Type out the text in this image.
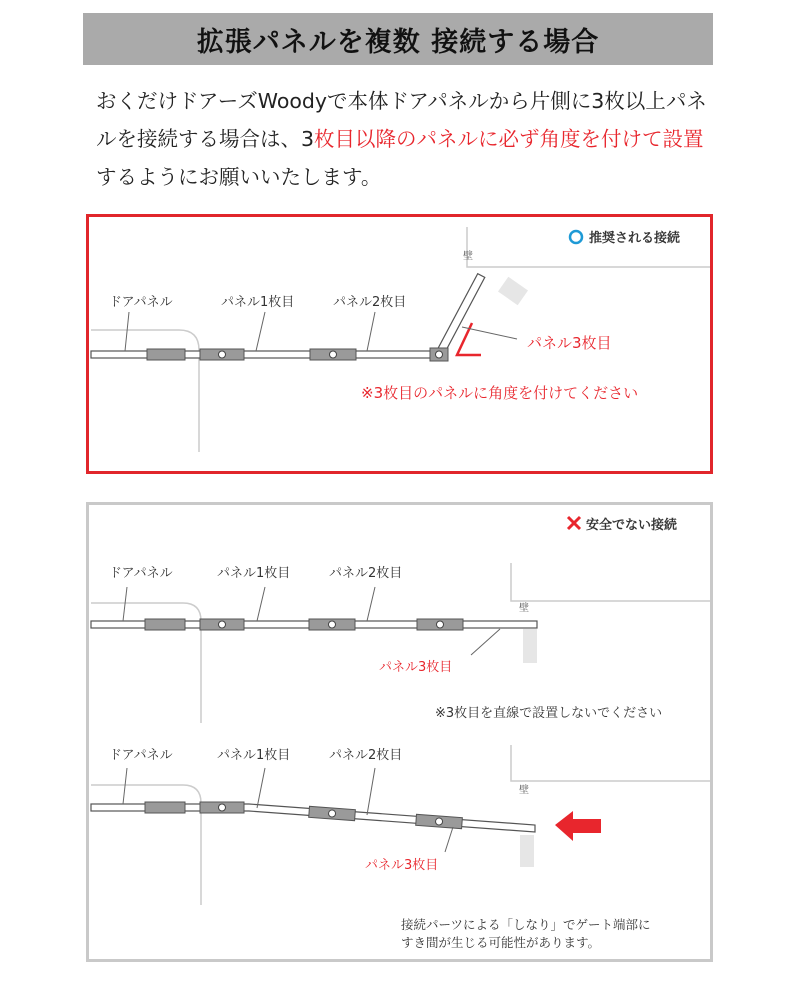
拡張パネルを複数 接続する場合
おくだけドアーズWoodyで本体ドアパネルから片側に3枚以上パネルを接続する場合は、3枚目以降のパネルに必ず角度を付けて設置するようにお願いいたします。
推奨される接続
壁
ドアパネル	パネル1枚目	パネル2枚目
パネル3枚目
※3枚目のパネルに角度を付けてください
安全でない接続
壁
ドアパネル	パネル1枚目	パネル2枚目
パネル3枚目
※3枚目を直線で設置しないでください
壁
ドアパネル	パネル1枚目	パネル2枚目
パネル3枚目
接続パーツによる「しなり」でゲート端部に
すき間が生じる可能性があります。
